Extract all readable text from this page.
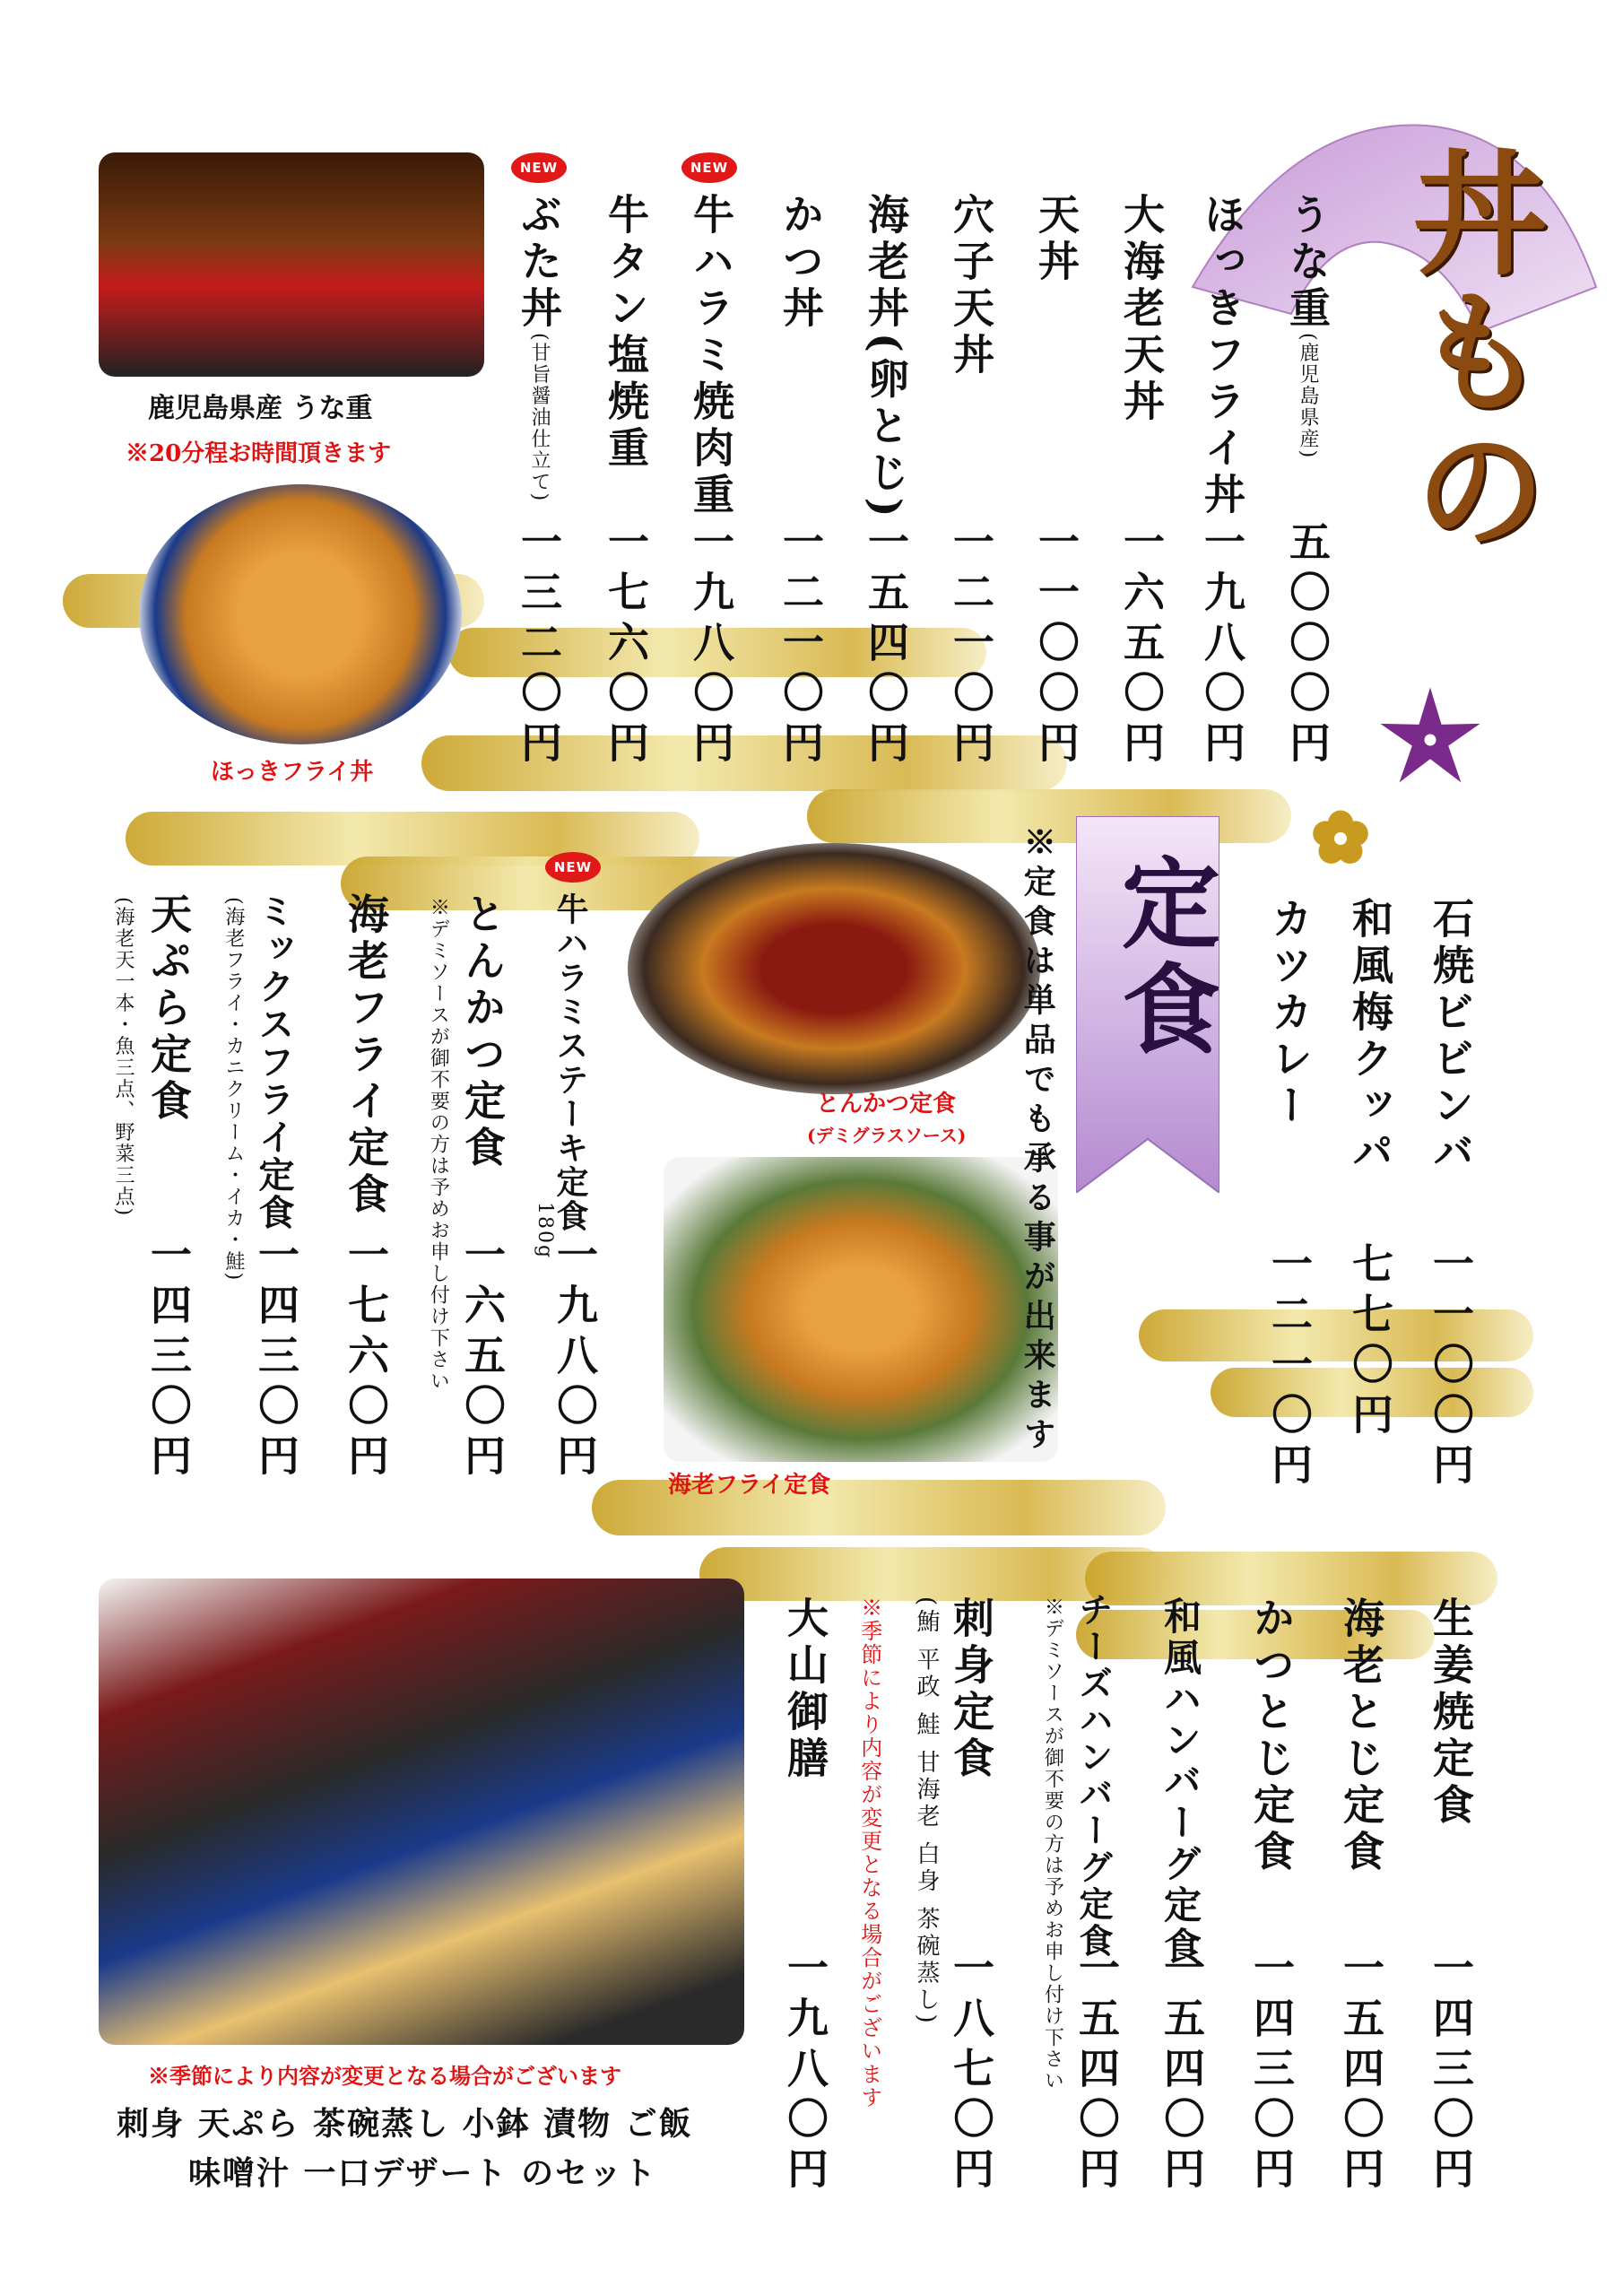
丼もの
鹿児島県産 うな重
※20分程お時間頂きます
ほっきフライ丼
とんかつ定食
(デミグラスソース)
海老フライ定食
※季節により内容が変更となる場合がございます
刺身 天ぷら 茶碗蒸し 小鉢 漬物 ご飯
味噌汁 一口デザート のセット
うな重(鹿児島県産)
五〇〇〇円
ほっきフライ丼
一九八〇円
大海老天丼
一六五〇円
天丼
一一〇〇円
穴子天丼
一二一〇円
海老丼(卵とじ)
一五四〇円
かつ丼
一二一〇円
NEW
牛ハラミ焼肉重
一九八〇円
牛タン塩焼重
一七六〇円
NEW
ぶた丼(甘旨醤油仕立て)
一三二〇円
定食
※定食は単品でも承る事が出来ます	石焼ビビンバ
一一〇〇円
和風梅クッパ
七七〇円
カツカレー
一二一〇円
NEW
牛ハラミステーキ定食
180g
一九八〇円
とんかつ定食
※デミソースが御不要の方は予めお申し付け下さい 一六五〇円
海老フライ定食
一七六〇円
ミックスフライ定食
(海老フライ・カニクリーム・イカ・鮭)
一四三〇円
天ぷら定食
(海老天一本・魚三点、野菜三点)
一四三〇円
生姜焼定食
一四三〇円
海老とじ定食
一五四〇円
かつとじ定食
一四三〇円
和風ハンバーグ定食
一五四〇円
チーズハンバーグ定食
※デミソースが御不要の方は予めお申し付け下さい 一五四〇円
刺身定食
(鮪 平政 鮭 甘海老 白身 茶碗蒸し)
一八七〇円
※季節により内容が変更となる場合がございます
大山御膳
一九八〇円
